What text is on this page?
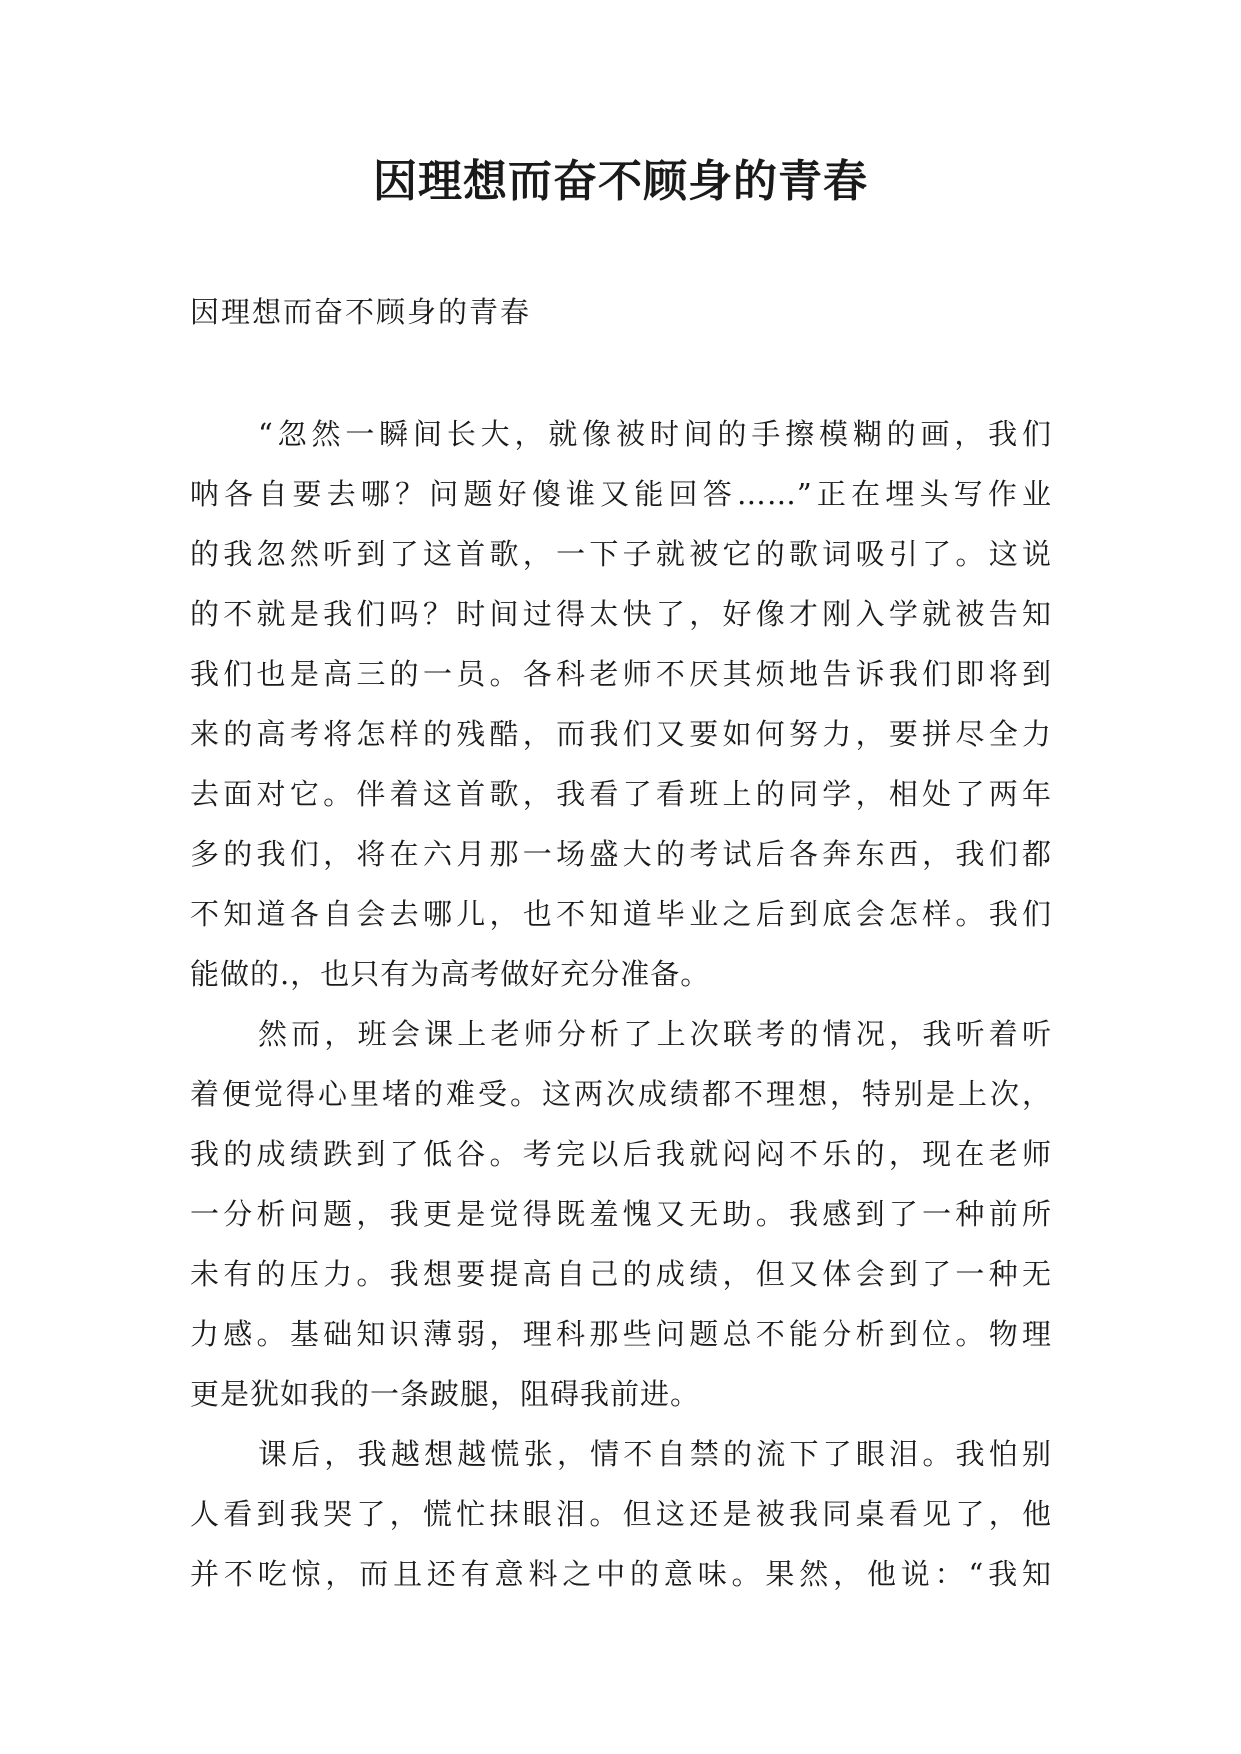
因理想而奋不顾身的青春

因理想而奋不顾身的青春

“忽然一瞬间长大，就像被时间的手擦模糊的画，我们
呐各自要去哪？问题好傻谁又能回答……”正在埋头写作业
的我忽然听到了这首歌，一下子就被它的歌词吸引了。这说
的不就是我们吗？时间过得太快了，好像才刚入学就被告知
我们也是高三的一员。各科老师不厌其烦地告诉我们即将到
来的高考将怎样的残酷，而我们又要如何努力，要拼尽全力
去面对它。伴着这首歌，我看了看班上的同学，相处了两年
多的我们，将在六月那一场盛大的考试后各奔东西，我们都
不知道各自会去哪儿，也不知道毕业之后到底会怎样。我们
能做的.，也只有为高考做好充分准备。
然而，班会课上老师分析了上次联考的情况，我听着听
着便觉得心里堵的难受。这两次成绩都不理想，特别是上次，
我的成绩跌到了低谷。考完以后我就闷闷不乐的，现在老师
一分析问题，我更是觉得既羞愧又无助。我感到了一种前所
未有的压力。我想要提高自己的成绩，但又体会到了一种无
力感。基础知识薄弱，理科那些问题总不能分析到位。物理
更是犹如我的一条跛腿，阻碍我前进。
课后，我越想越慌张，情不自禁的流下了眼泪。我怕别
人看到我哭了，慌忙抹眼泪。但这还是被我同桌看见了，他
并不吃惊，而且还有意料之中的意味。果然，他说：“我知
